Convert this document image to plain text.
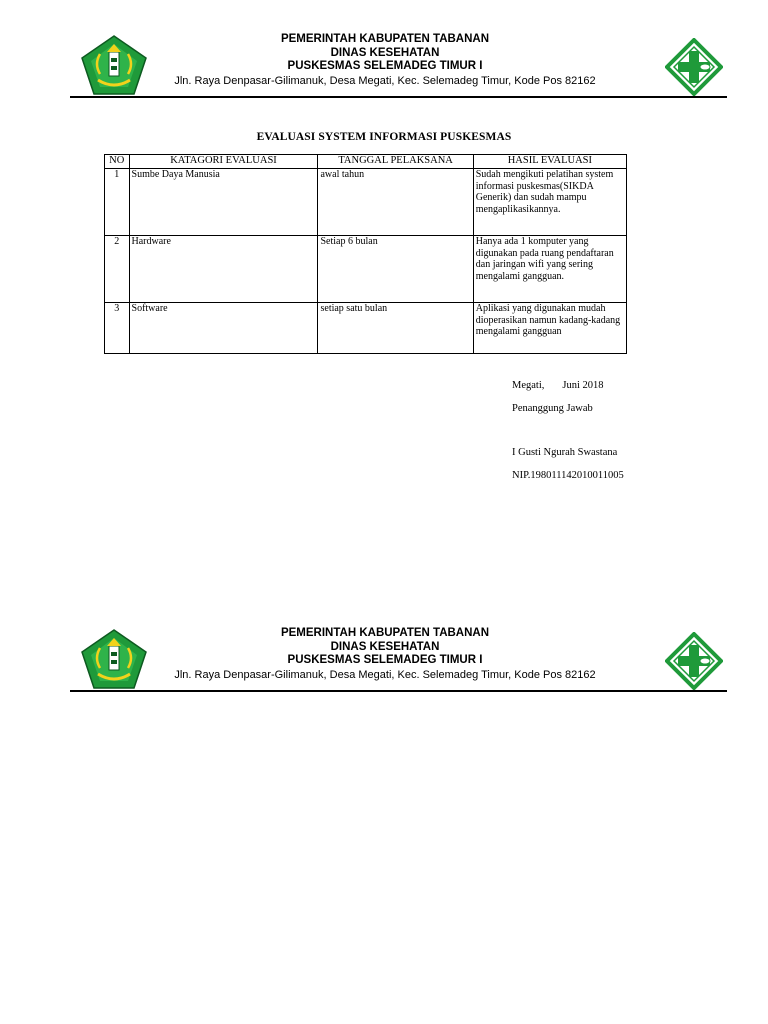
PEMERINTAH KABUPATEN TABANAN
DINAS KESEHATAN
PUSKESMAS SELEMADEG TIMUR I
Jln. Raya Denpasar-Gilimanuk, Desa Megati, Kec. Selemadeg Timur, Kode Pos 82162
EVALUASI SYSTEM INFORMASI PUSKESMAS
NO	KATAGORI EVALUASI	TANGGAL PELAKSANA	HASIL EVALUASI
1	Sumbe Daya Manusia	awal tahun	Sudah mengikuti pelatihan system informasi puskesmas(SIKDA Generik) dan sudah mampu mengaplikasikannya.
2	Hardware	Setiap 6 bulan	Hanya ada 1 komputer yang digunakan pada ruang pendaftaran dan jaringan wifi yang sering mengalami gangguan.
3	Software	setiap satu bulan	Aplikasi yang digunakan mudah dioperasikan namun kadang-kadang mengalami gangguan
Megati, Juni 2018
Penanggung Jawab
I Gusti Ngurah Swastana
NIP.198011142010011005
PEMERINTAH KABUPATEN TABANAN
DINAS KESEHATAN
PUSKESMAS SELEMADEG TIMUR I
Jln. Raya Denpasar-Gilimanuk, Desa Megati, Kec. Selemadeg Timur, Kode Pos 82162
